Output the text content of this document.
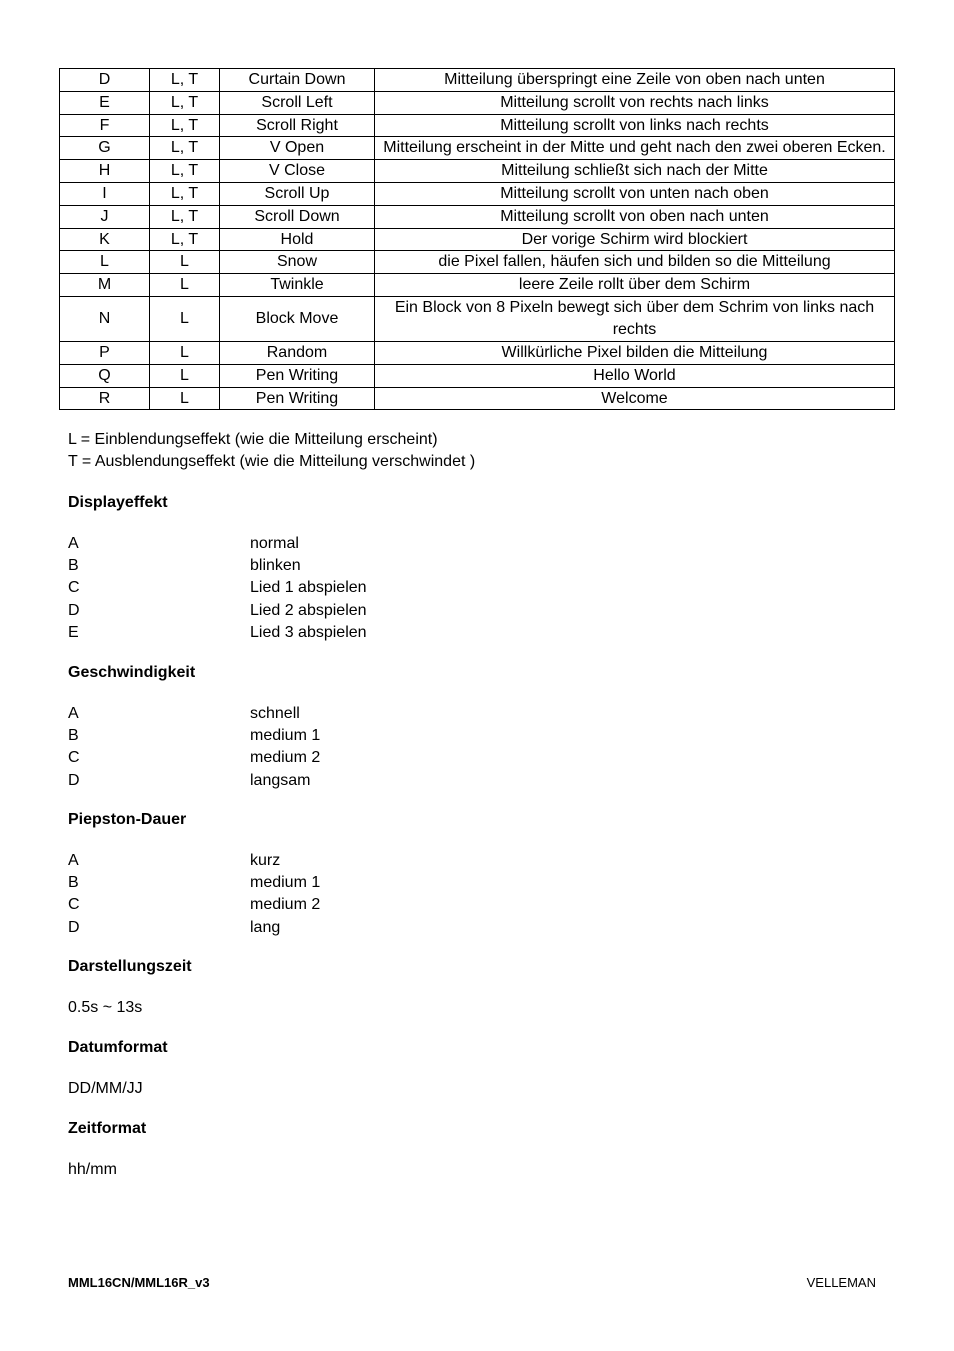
D	L, T	Curtain Down	Mitteilung überspringt eine Zeile von oben nach unten
E	L, T	Scroll Left	Mitteilung scrollt von rechts nach links
F	L, T	Scroll Right	Mitteilung scrollt von links nach rechts
G	L, T	V Open	Mitteilung erscheint in der Mitte und geht nach den zwei oberen Ecken.
H	L, T	V Close	Mitteilung schließt sich nach der Mitte
I	L, T	Scroll Up	Mitteilung scrollt von unten nach oben
J	L, T	Scroll Down	Mitteilung scrollt von oben nach unten
K	L, T	Hold	Der vorige Schirm wird blockiert
L	L	Snow	die Pixel fallen, häufen sich und bilden so die Mitteilung
M	L	Twinkle	leere Zeile rollt über dem Schirm
N	L	Block Move	Ein Block von 8 Pixeln bewegt sich über dem Schrim von links nach rechts
P	L	Random	Willkürliche Pixel bilden die Mitteilung
Q	L	Pen Writing	Hello World
R	L	Pen Writing	Welcome
L = Einblendungseffekt (wie die Mitteilung erscheint)
T = Ausblendungseffekt (wie die Mitteilung verschwindet )
Displayeffekt
A	normal
B	blinken
C	Lied 1 abspielen
D	Lied 2 abspielen
E	Lied 3 abspielen
Geschwindigkeit
A	schnell
B	medium 1
C	medium 2
D	langsam
Piepston-Dauer
A	kurz
B	medium 1
C	medium 2
D	lang
Darstellungszeit
0.5s ~ 13s
Datumformat
DD/MM/JJ
Zeitformat
hh/mm
MML16CN/MML16R_v3	VELLEMAN
